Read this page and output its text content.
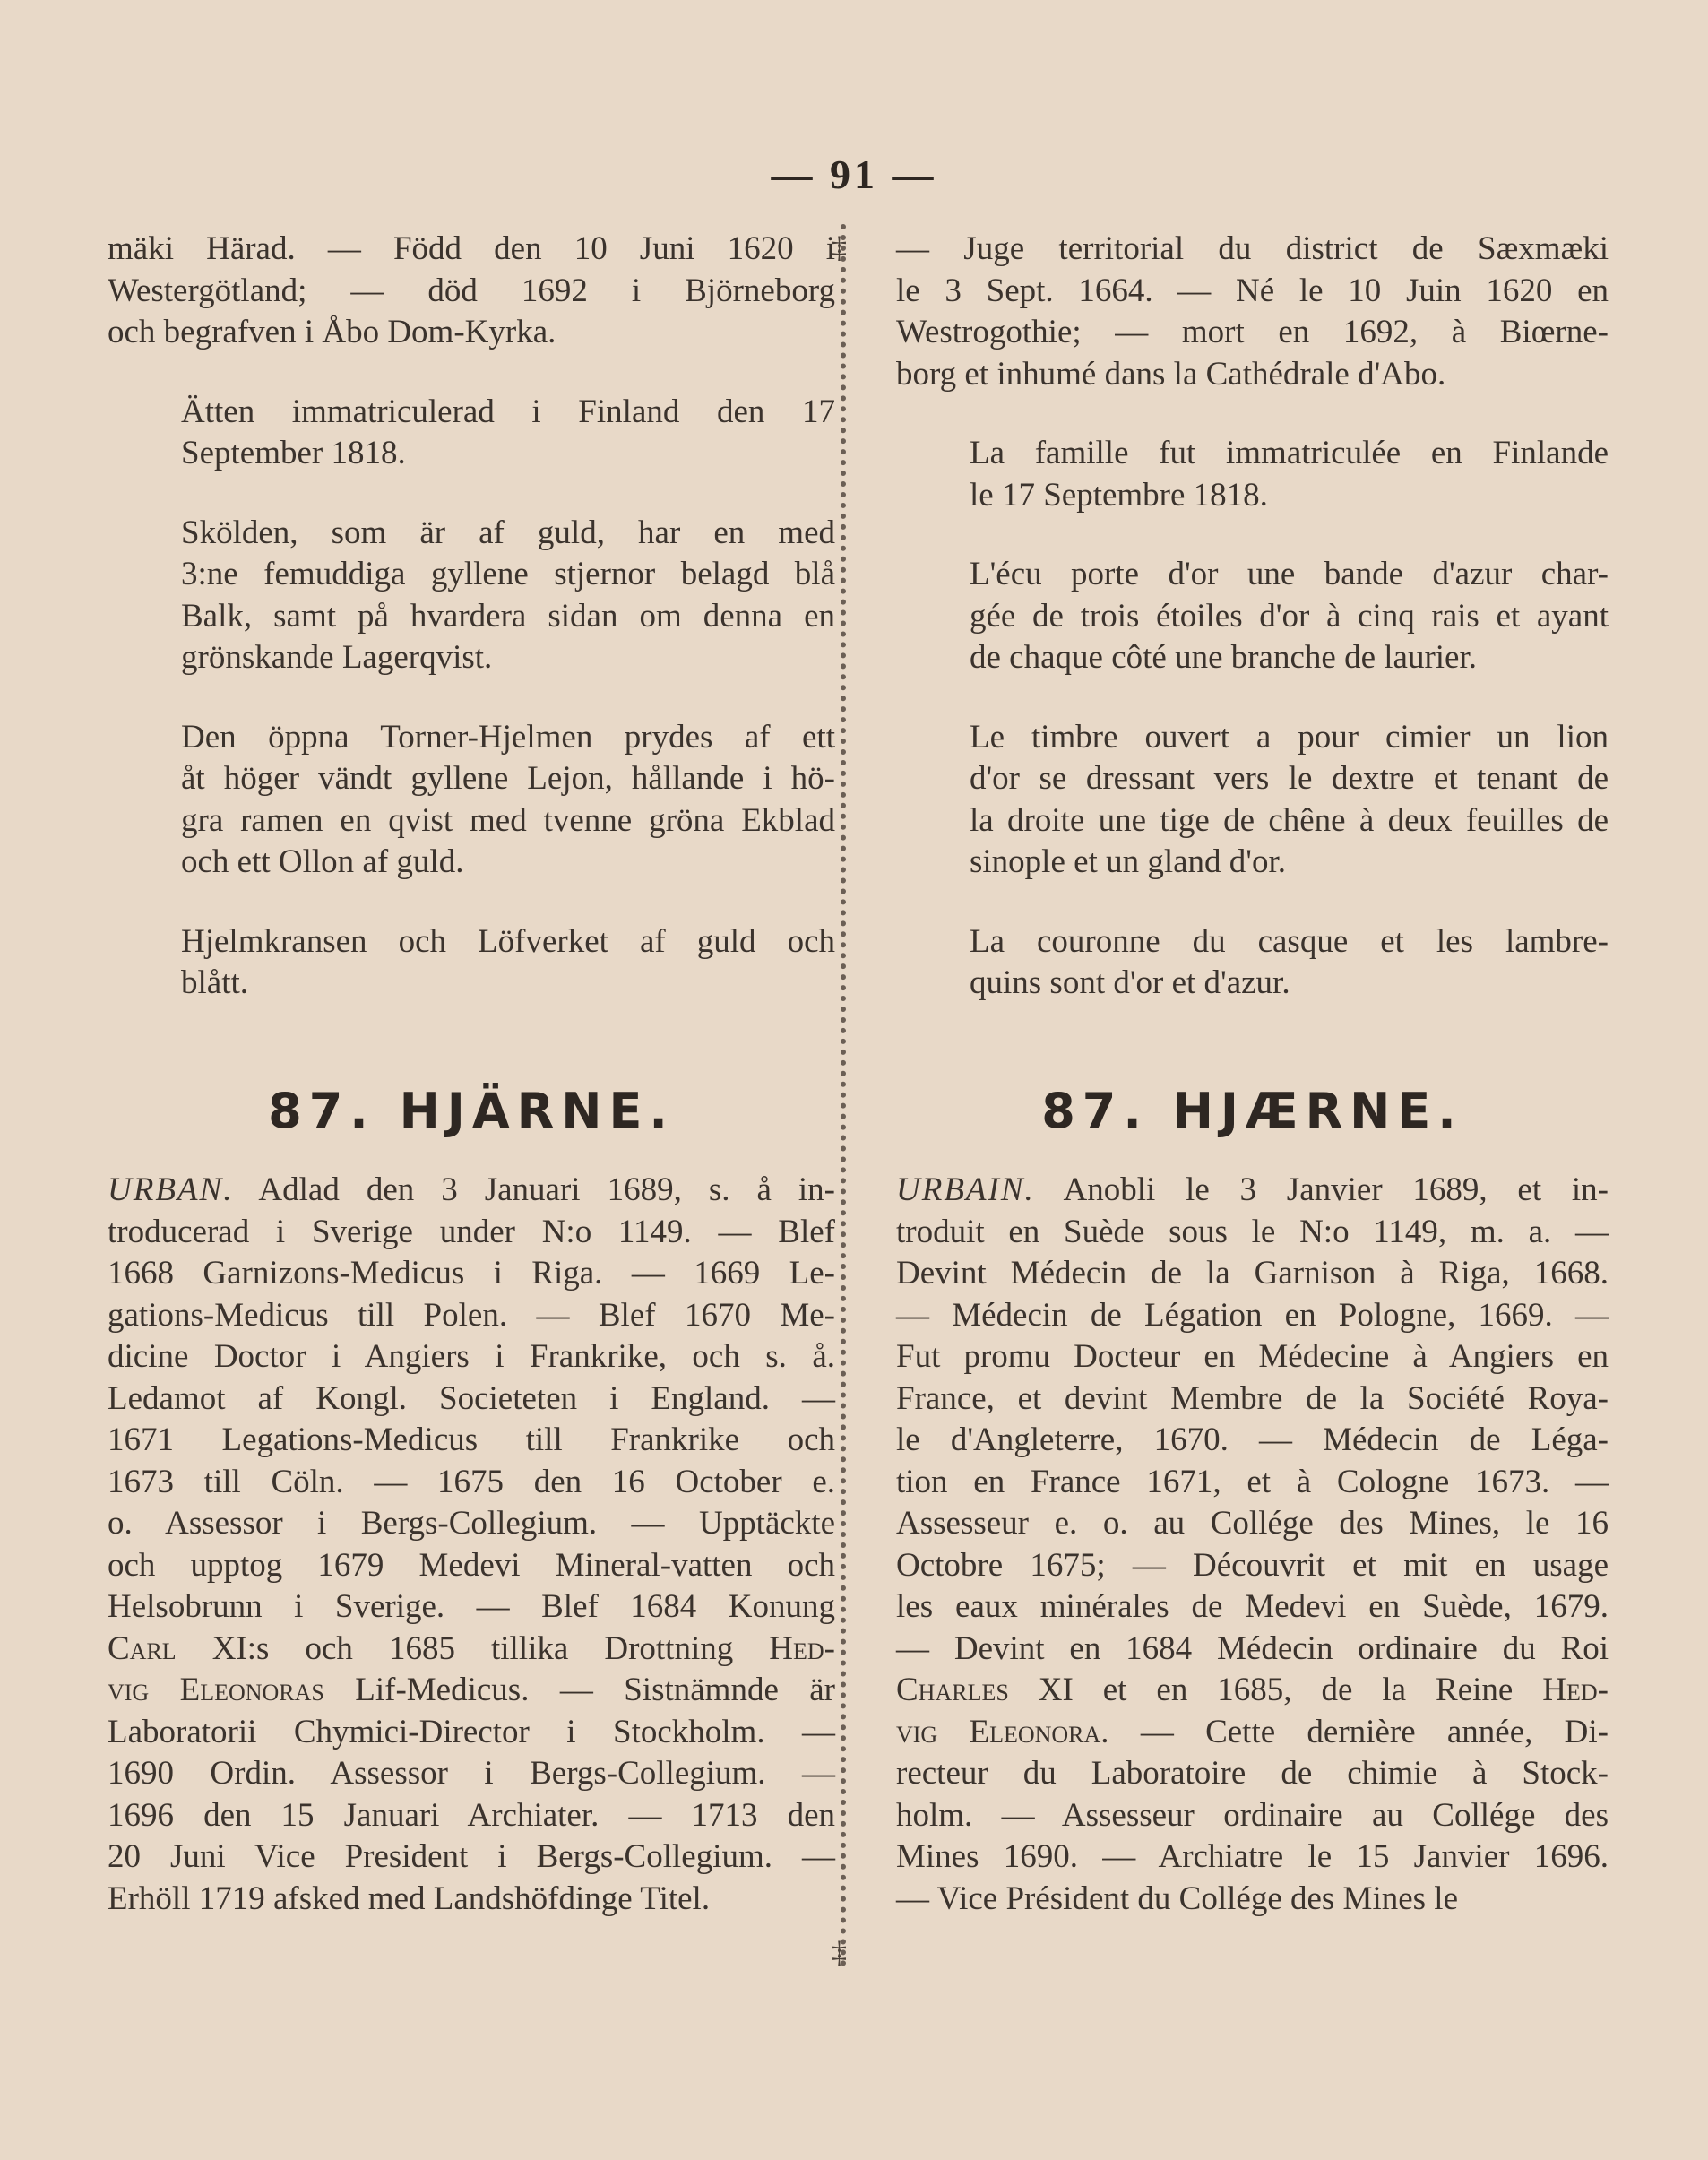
— 91 —
‡
‡

mäki Härad. — Född den 10 Juni 1620 i
Westergötland; — död 1692 i Björneborg
och begrafven i Åbo Dom-Kyrka.

Ätten immatriculerad i Finland den 17
September 1818.

Skölden, som är af guld, har en med
3:ne femuddiga gyllene stjernor belagd blå
Balk, samt på hvardera sidan om denna en
grönskande Lagerqvist.

Den öppna Torner-Hjelmen prydes af ett
åt höger vändt gyllene Lejon, hållande i hö-
gra ramen en qvist med tvenne gröna Ekblad
och ett Ollon af guld.

Hjelmkransen och Löfverket af guld och
blått.

87. HJÄRNE.

URBAN. Adlad den 3 Januari 1689, s. å in-
troducerad i Sverige under N:o 1149. — Blef
1668 Garnizons-Medicus i Riga. — 1669 Le-
gations-Medicus till Polen. — Blef 1670 Me-
dicine Doctor i Angiers i Frankrike, och s. å.
Ledamot af Kongl. Societeten i England. —
1671 Legations-Medicus till Frankrike och
1673 till Cöln. — 1675 den 16 October e.
o. Assessor i Bergs-Collegium. — Upptäckte
och upptog 1679 Medevi Mineral-vatten och
Helsobrunn i Sverige. — Blef 1684 Konung
Carl XI:s och 1685 tillika Drottning Hed-
vig Eleonoras Lif-Medicus. — Sistnämnde är
Laboratorii Chymici-Director i Stockholm. —
1690 Ordin. Assessor i Bergs-Collegium. —
1696 den 15 Januari Archiater. — 1713 den
20 Juni Vice President i Bergs-Collegium. —
Erhöll 1719 afsked med Landshöfdinge Titel.

— Juge territorial du district de Sæxmæki
le 3 Sept. 1664. — Né le 10 Juin 1620 en
Westrogothie; — mort en 1692, à Biœrne-
borg et inhumé dans la Cathédrale d'Abo.

La famille fut immatriculée en Finlande
le 17 Septembre 1818.

L'écu porte d'or une bande d'azur char-
gée de trois étoiles d'or à cinq rais et ayant
de chaque côté une branche de laurier.

Le timbre ouvert a pour cimier un lion
d'or se dressant vers le dextre et tenant de
la droite une tige de chêne à deux feuilles de
sinople et un gland d'or.

La couronne du casque et les lambre-
quins sont d'or et d'azur.

87. HJÆRNE.

URBAIN. Anobli le 3 Janvier 1689, et in-
troduit en Suède sous le N:o 1149, m. a. —
Devint Médecin de la Garnison à Riga, 1668.
— Médecin de Légation en Pologne, 1669. —
Fut promu Docteur en Médecine à Angiers en
France, et devint Membre de la Société Roya-
le d'Angleterre, 1670. — Médecin de Léga-
tion en France 1671, et à Cologne 1673. —
Assesseur e. o. au Collége des Mines, le 16
Octobre 1675; — Découvrit et mit en usage
les eaux minérales de Medevi en Suède, 1679.
— Devint en 1684 Médecin ordinaire du Roi
Charles XI et en 1685, de la Reine Hed-
vig Eleonora. — Cette dernière année, Di-
recteur du Laboratoire de chimie à Stock-
holm. — Assesseur ordinaire au Collége des
Mines 1690. — Archiatre le 15 Janvier 1696.
— Vice Président du Collége des Mines le
